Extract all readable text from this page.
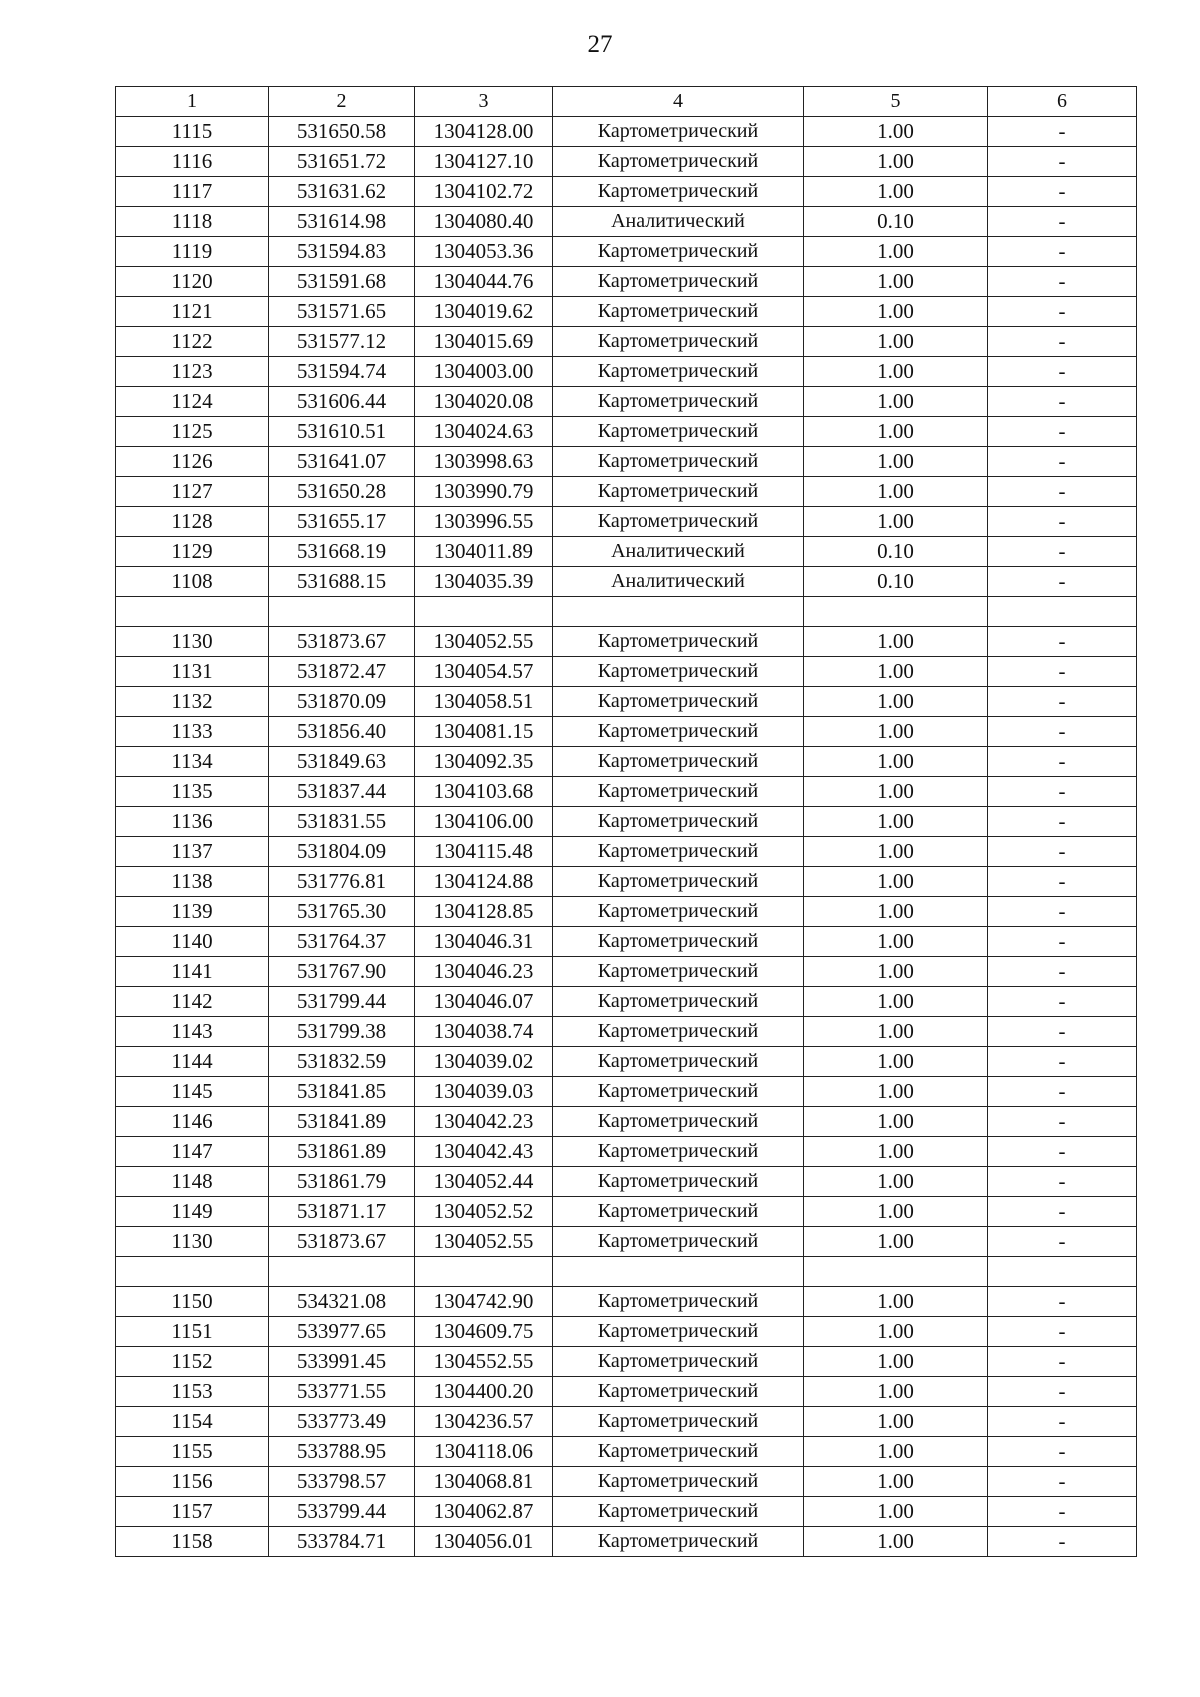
27
1	2	3	4	5	6
1115	531650.58	1304128.00	Картометрический	1.00	-
1116	531651.72	1304127.10	Картометрический	1.00	-
1117	531631.62	1304102.72	Картометрический	1.00	-
1118	531614.98	1304080.40	Аналитический	0.10	-
1119	531594.83	1304053.36	Картометрический	1.00	-
1120	531591.68	1304044.76	Картометрический	1.00	-
1121	531571.65	1304019.62	Картометрический	1.00	-
1122	531577.12	1304015.69	Картометрический	1.00	-
1123	531594.74	1304003.00	Картометрический	1.00	-
1124	531606.44	1304020.08	Картометрический	1.00	-
1125	531610.51	1304024.63	Картометрический	1.00	-
1126	531641.07	1303998.63	Картометрический	1.00	-
1127	531650.28	1303990.79	Картометрический	1.00	-
1128	531655.17	1303996.55	Картометрический	1.00	-
1129	531668.19	1304011.89	Аналитический	0.10	-
1108	531688.15	1304035.39	Аналитический	0.10	-

1130	531873.67	1304052.55	Картометрический	1.00	-
1131	531872.47	1304054.57	Картометрический	1.00	-
1132	531870.09	1304058.51	Картометрический	1.00	-
1133	531856.40	1304081.15	Картометрический	1.00	-
1134	531849.63	1304092.35	Картометрический	1.00	-
1135	531837.44	1304103.68	Картометрический	1.00	-
1136	531831.55	1304106.00	Картометрический	1.00	-
1137	531804.09	1304115.48	Картометрический	1.00	-
1138	531776.81	1304124.88	Картометрический	1.00	-
1139	531765.30	1304128.85	Картометрический	1.00	-
1140	531764.37	1304046.31	Картометрический	1.00	-
1141	531767.90	1304046.23	Картометрический	1.00	-
1142	531799.44	1304046.07	Картометрический	1.00	-
1143	531799.38	1304038.74	Картометрический	1.00	-
1144	531832.59	1304039.02	Картометрический	1.00	-
1145	531841.85	1304039.03	Картометрический	1.00	-
1146	531841.89	1304042.23	Картометрический	1.00	-
1147	531861.89	1304042.43	Картометрический	1.00	-
1148	531861.79	1304052.44	Картометрический	1.00	-
1149	531871.17	1304052.52	Картометрический	1.00	-
1130	531873.67	1304052.55	Картометрический	1.00	-

1150	534321.08	1304742.90	Картометрический	1.00	-
1151	533977.65	1304609.75	Картометрический	1.00	-
1152	533991.45	1304552.55	Картометрический	1.00	-
1153	533771.55	1304400.20	Картометрический	1.00	-
1154	533773.49	1304236.57	Картометрический	1.00	-
1155	533788.95	1304118.06	Картометрический	1.00	-
1156	533798.57	1304068.81	Картометрический	1.00	-
1157	533799.44	1304062.87	Картометрический	1.00	-
1158	533784.71	1304056.01	Картометрический	1.00	-
